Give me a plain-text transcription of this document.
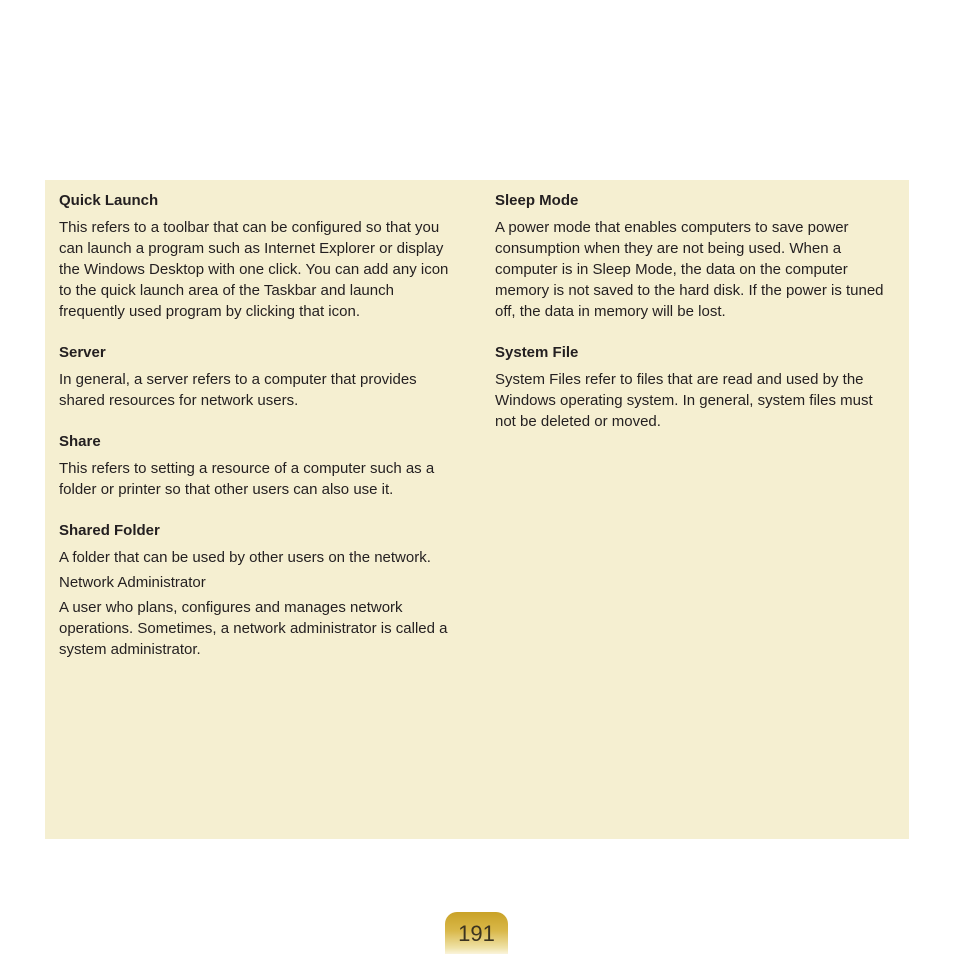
Quick Launch

This refers to a toolbar that can be configured so that you can launch a program such as Internet Explorer or display the Windows Desktop with one click. You can add any icon to the quick launch area of the Taskbar and launch frequently used program by clicking that icon.

Server

In general, a server refers to a computer that provides shared resources for network users.

Share

This refers to setting a resource of a computer such as a folder or printer so that other users can also use it.

Shared Folder

A folder that can be used by other users on the network.

Network Administrator

A user who plans, configures and manages network operations. Sometimes, a network administrator is called a system administrator.

Sleep Mode

A power mode that enables computers to save power consumption when they are not being used. When a computer is in Sleep Mode, the data on the computer memory is not saved to the hard disk. If the power is tuned off, the data in memory will be lost.

System File

System Files refer to files that are read and used by the Windows operating system. In general, system files must not be deleted or moved.

191
